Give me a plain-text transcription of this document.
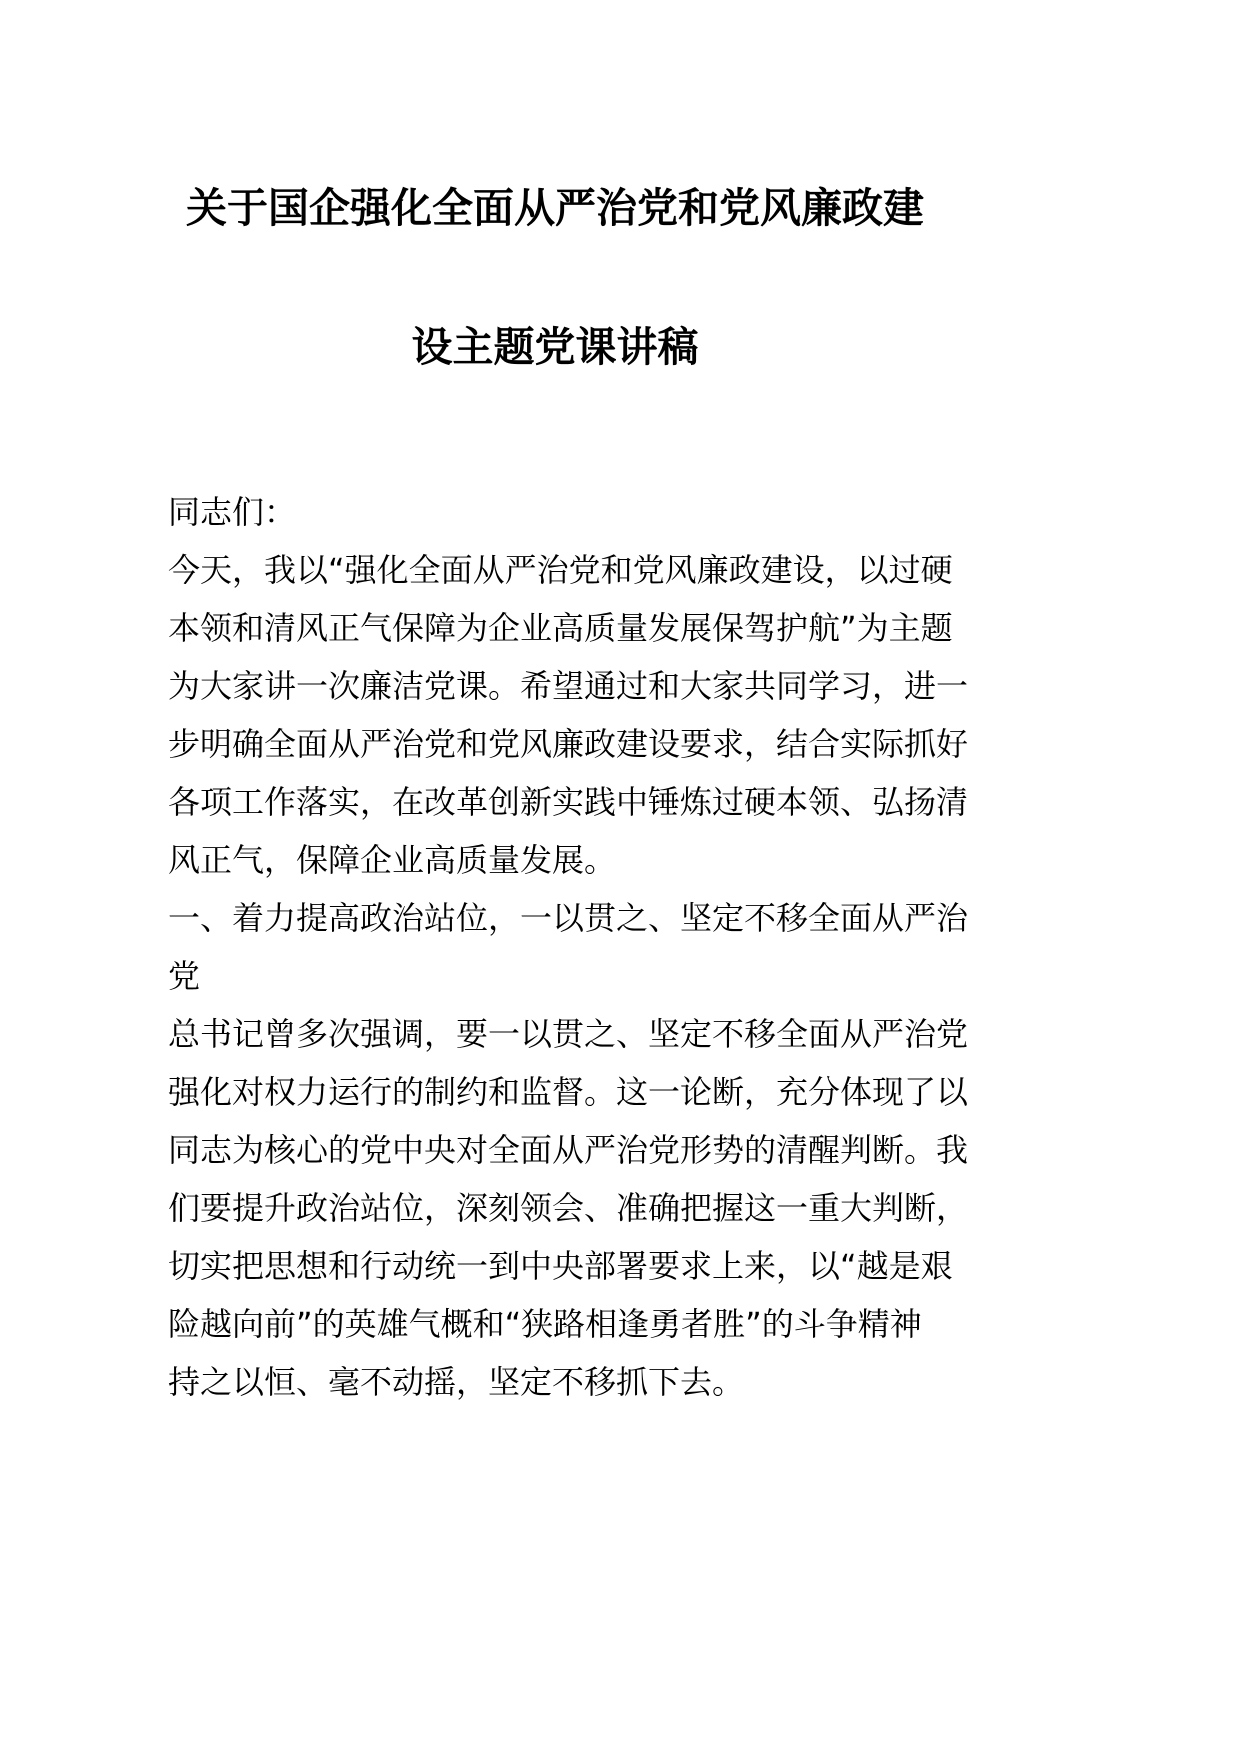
关于国企强化全面从严治党和党风廉政建
设主题党课讲稿
同志们：
今天，我以“强化全面从严治党和党风廉政建设，以过硬
本领和清风正气保障为企业高质量发展保驾护航”为主题
为大家讲一次廉洁党课。希望通过和大家共同学习，进一
步明确全面从严治党和党风廉政建设要求，结合实际抓好
各项工作落实，在改革创新实践中锤炼过硬本领、弘扬清
风正气，保障企业高质量发展。
一、着力提高政治站位，一以贯之、坚定不移全面从严治
党
总书记曾多次强调，要一以贯之、坚定不移全面从严治党
强化对权力运行的制约和监督。这一论断，充分体现了以
同志为核心的党中央对全面从严治党形势的清醒判断。我
们要提升政治站位，深刻领会、准确把握这一重大判断，
切实把思想和行动统一到中央部署要求上来，以“越是艰
险越向前”的英雄气概和“狭路相逢勇者胜”的斗争精神
持之以恒、毫不动摇，坚定不移抓下去。
